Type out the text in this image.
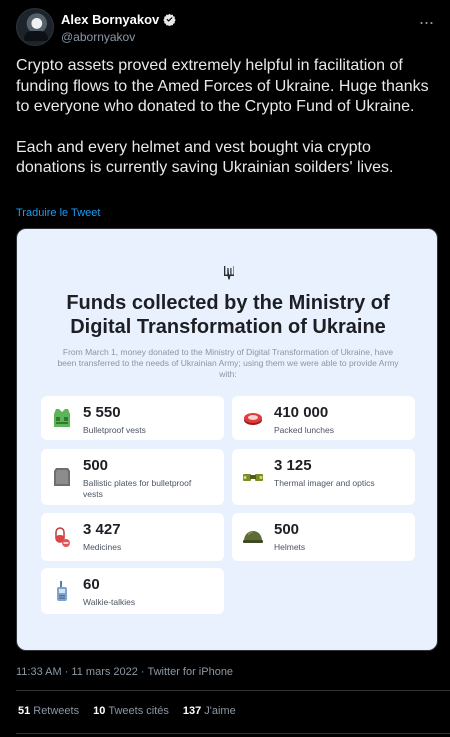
Alex Bornyakov
@abornyakov
···

Crypto assets proved extremely helpful in facilitation of funding flows to the Amed Forces of Ukraine. Huge thanks to everyone who donated to the Crypto Fund of Ukraine.

Each and every helmet and vest bought via crypto donations is currently saving Ukrainian soilders' lives.

Traduire le Tweet
Funds collected by the Ministry of Digital Transformation of Ukraine
From March 1, money donated to the Ministry of Digital Transformation of Ukraine, have been transferred to the needs of Ukrainian Army; using them we were able to provide Army with:
5 550
Bulletproof vests
410 000
Packed lunches
500
Ballistic plates for bulletproof vests
3 125
Thermal imager and optics
3 427
Medicines
500
Helmets
60
Walkie-talkies
11:33 AM · 11 mars 2022 · Twitter for iPhone
51 Retweets 10 Tweets cités 137 J'aime
